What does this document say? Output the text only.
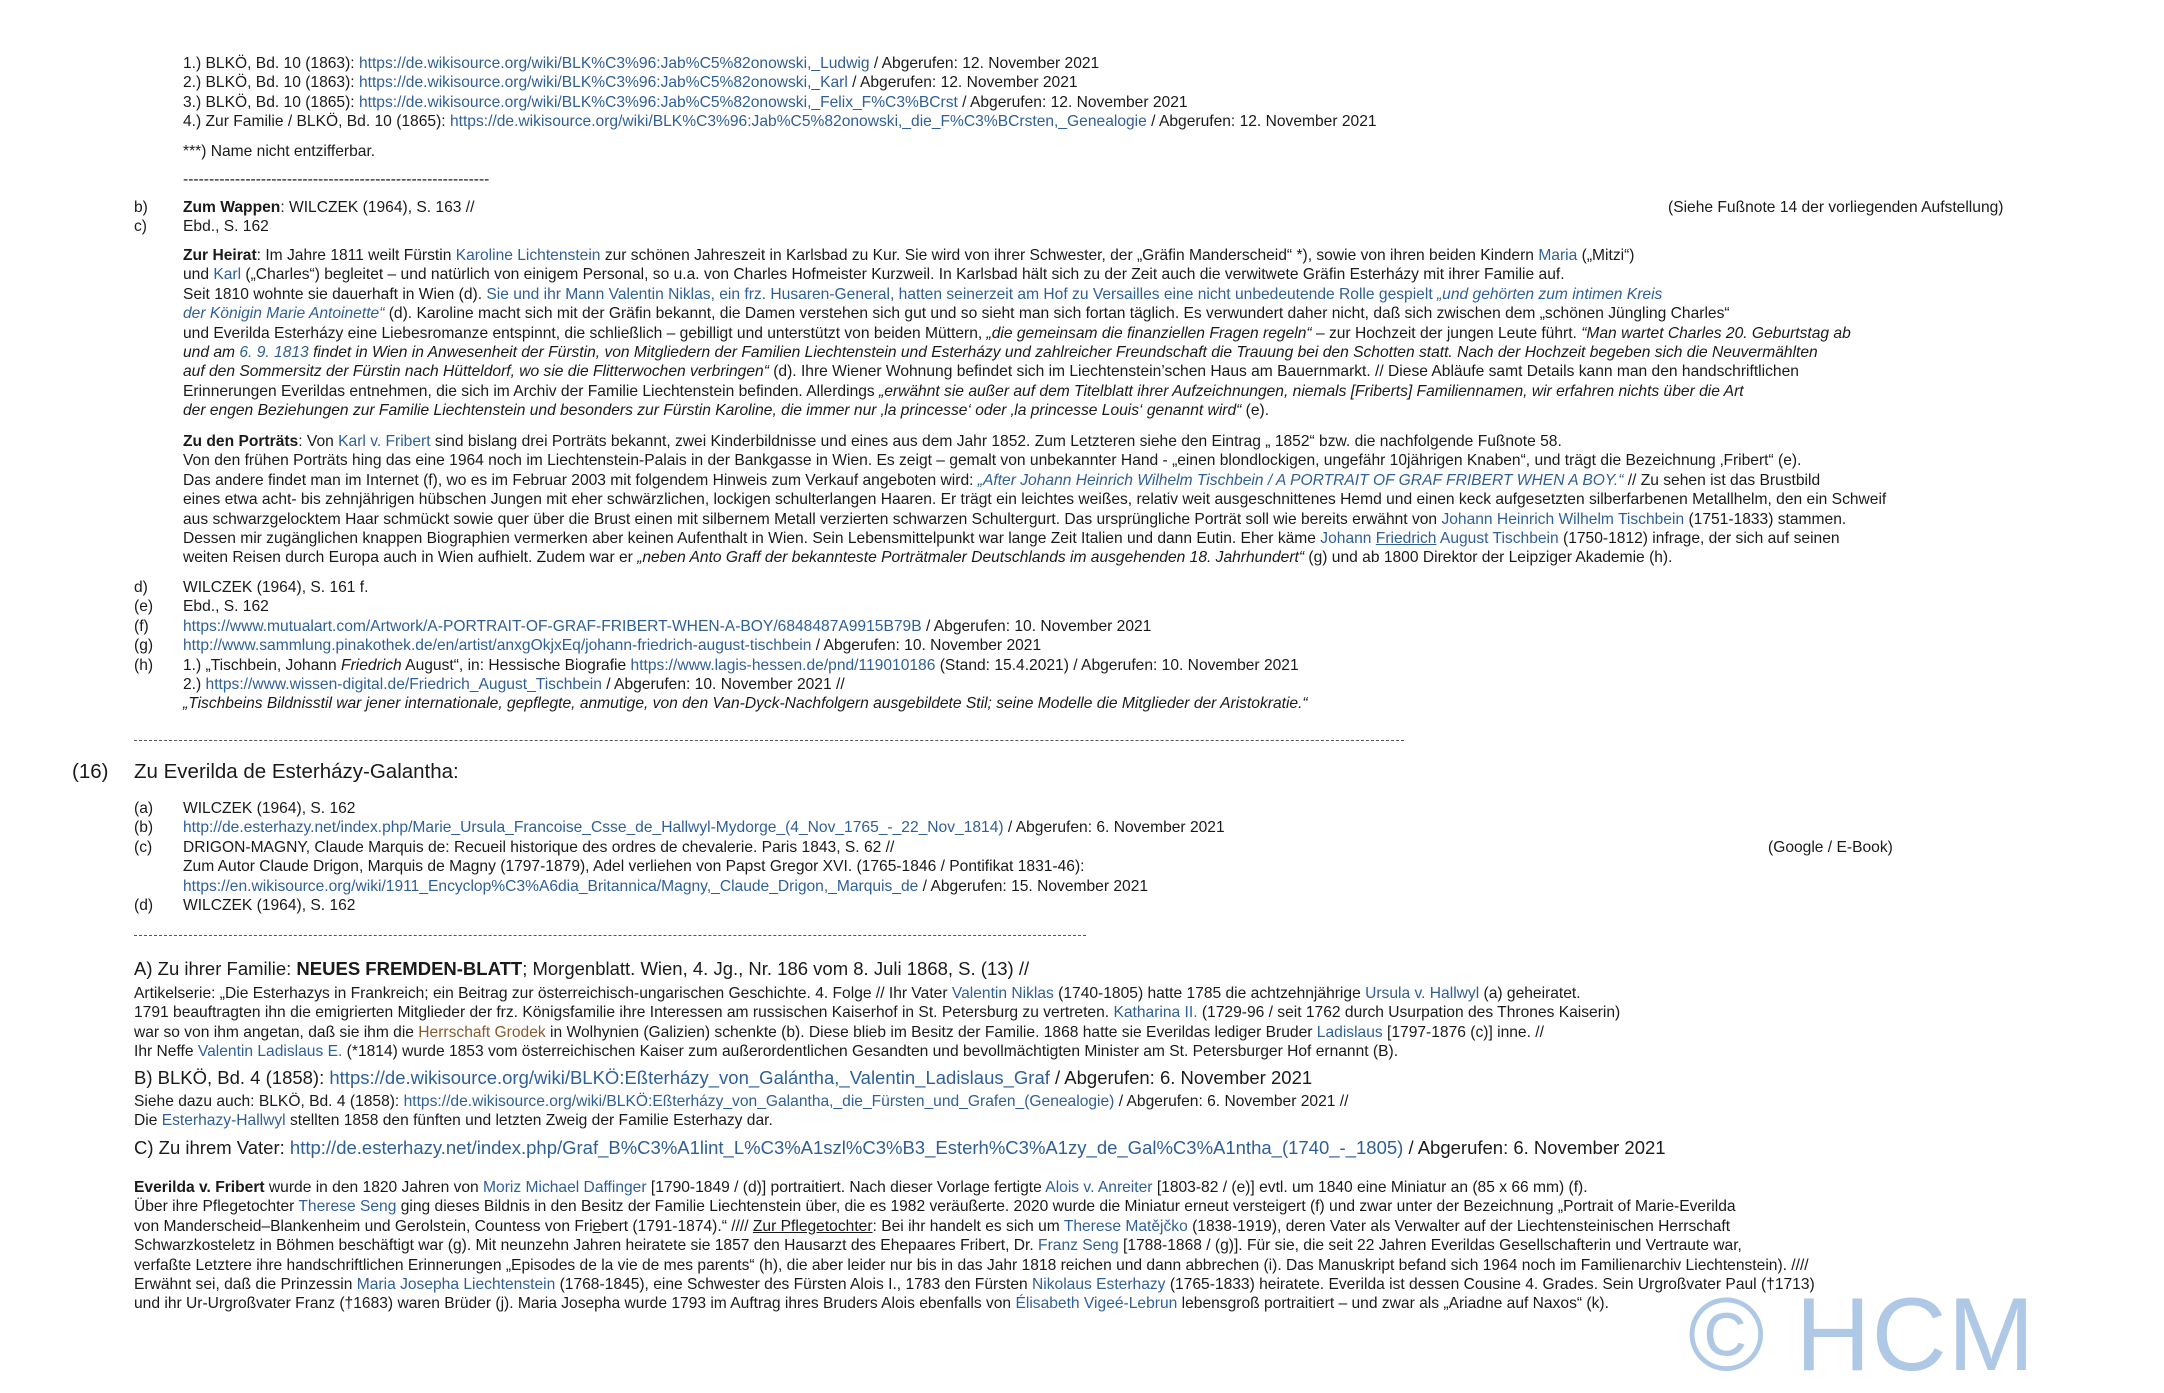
1.) BLKÖ, Bd. 10 (1863): https://de.wikisource.org/wiki/BLK%C3%96:Jab%C5%82onowski,_Ludwig / Abgerufen: 12. November 2021
2.) BLKÖ, Bd. 10 (1863): https://de.wikisource.org/wiki/BLK%C3%96:Jab%C5%82onowski,_Karl / Abgerufen: 12. November 2021
3.) BLKÖ, Bd. 10 (1865): https://de.wikisource.org/wiki/BLK%C3%96:Jab%C5%82onowski,_Felix_F%C3%BCrst / Abgerufen: 12. November 2021
4.) Zur Familie / BLKÖ, Bd. 10 (1865): https://de.wikisource.org/wiki/BLK%C3%96:Jab%C5%82onowski,_die_F%C3%BCrsten,_Genealogie / Abgerufen: 12. November 2021
***) Name nicht entzifferbar.
-----------------------------------------------------------
b) Zum Wappen: WILCZEK (1964), S. 163 //	(Siehe Fußnote 14 der vorliegenden Aufstellung)
c) Ebd., S. 162
Zur Heirat: Im Jahre 1811 weilt Fürstin Karoline Lichtenstein zur schönen Jahreszeit in Karlsbad zu Kur. Sie wird von ihrer Schwester, der „Gräfin Manderscheid“ *), sowie von ihren beiden Kindern Maria („Mitzi“)
und Karl („Charles“) begleitet – und natürlich von einigem Personal, so u.a. von Charles Hofmeister Kurzweil. In Karlsbad hält sich zu der Zeit auch die verwitwete Gräfin Esterházy mit ihrer Familie auf.
Seit 1810 wohnte sie dauerhaft in Wien (d). Sie und ihr Mann Valentin Niklas, ein frz. Husaren-General, hatten seinerzeit am Hof zu Versailles eine nicht unbedeutende Rolle gespielt „und gehörten zum intimen Kreis
der Königin Marie Antoinette“ (d). Karoline macht sich mit der Gräfin bekannt, die Damen verstehen sich gut und so sieht man sich fortan täglich. Es verwundert daher nicht, daß sich zwischen dem „schönen Jüngling Charles“
und Everilda Esterházy eine Liebesromanze entspinnt, die schließlich – gebilligt und unterstützt von beiden Müttern, „die gemeinsam die finanziellen Fragen regeln“ – zur Hochzeit der jungen Leute führt. “Man wartet Charles 20. Geburtstag ab
und am 6. 9. 1813 findet in Wien in Anwesenheit der Fürstin, von Mitgliedern der Familien Liechtenstein und Esterházy und zahlreicher Freundschaft die Trauung bei den Schotten statt. Nach der Hochzeit begeben sich die Neuvermählten
auf den Sommersitz der Fürstin nach Hütteldorf, wo sie die Flitterwochen verbringen“ (d). Ihre Wiener Wohnung befindet sich im Liechtenstein’schen Haus am Bauernmarkt. // Diese Abläufe samt Details kann man den handschriftlichen
Erinnerungen Everildas entnehmen, die sich im Archiv der Familie Liechtenstein befinden. Allerdings „erwähnt sie außer auf dem Titelblatt ihrer Aufzeichnungen, niemals [Friberts] Familiennamen, wir erfahren nichts über die Art
der engen Beziehungen zur Familie Liechtenstein und besonders zur Fürstin Karoline, die immer nur ‚la princesse‘ oder ‚la princesse Louis‘ genannt wird“ (e).
Zu den Porträts: Von Karl v. Fribert sind bislang drei Porträts bekannt, zwei Kinderbildnisse und eines aus dem Jahr 1852. Zum Letzteren siehe den Eintrag „ 1852“ bzw. die nachfolgende Fußnote 58.
Von den frühen Porträts hing das eine 1964 noch im Liechtenstein-Palais in der Bankgasse in Wien. Es zeigt – gemalt von unbekannter Hand - „einen blondlockigen, ungefähr 10jährigen Knaben“, und trägt die Bezeichnung ‚Fribert“ (e).
Das andere findet man im Internet (f), wo es im Februar 2003 mit folgendem Hinweis zum Verkauf angeboten wird: „After Johann Heinrich Wilhelm Tischbein / A PORTRAIT OF GRAF FRIBERT WHEN A BOY.“ // Zu sehen ist das Brustbild
eines etwa acht- bis zehnjährigen hübschen Jungen mit eher schwärzlichen, lockigen schulterlangen Haaren. Er trägt ein leichtes weißes, relativ weit ausgeschnittenes Hemd und einen keck aufgesetzten silberfarbenen Metallhelm, den ein Schweif
aus schwarzgelocktem Haar schmückt sowie quer über die Brust einen mit silbernem Metall verzierten schwarzen Schultergurt. Das ursprüngliche Porträt soll wie bereits erwähnt von Johann Heinrich Wilhelm Tischbein (1751-1833) stammen.
Dessen mir zugänglichen knappen Biographien vermerken aber keinen Aufenthalt in Wien. Sein Lebensmittelpunkt war lange Zeit Italien und dann Eutin. Eher käme Johann Friedrich August Tischbein (1750-1812) infrage, der sich auf seinen
weiten Reisen durch Europa auch in Wien aufhielt. Zudem war er „neben Anto Graff der bekannteste Porträtmaler Deutschlands im ausgehenden 18. Jahrhundert“ (g) und ab 1800 Direktor der Leipziger Akademie (h).
d) WILCZEK (1964), S. 161 f.
(e) Ebd., S. 162
(f) https://www.mutualart.com/Artwork/A-PORTRAIT-OF-GRAF-FRIBERT-WHEN-A-BOY/6848487A9915B79B / Abgerufen: 10. November 2021
(g) http://www.sammlung.pinakothek.de/en/artist/anxgOkjxEq/johann-friedrich-august-tischbein / Abgerufen: 10. November 2021
(h) 1.) „Tischbein, Johann Friedrich August“, in: Hessische Biografie https://www.lagis-hessen.de/pnd/119010186 (Stand: 15.4.2021) / Abgerufen: 10. November 2021
2.) https://www.wissen-digital.de/Friedrich_August_Tischbein / Abgerufen: 10. November 2021 //
„Tischbeins Bildnisstil war jener internationale, gepflegte, anmutige, von den Van-Dyck-Nachfolgern ausgebildete Stil; seine Modelle die Mitglieder der Aristokratie.“
(16) Zu Everilda de Esterházy-Galantha:
(a) WILCZEK (1964), S. 162
(b) http://de.esterhazy.net/index.php/Marie_Ursula_Francoise_Csse_de_Hallwyl-Mydorge_(4_Nov_1765_-_22_Nov_1814) / Abgerufen: 6. November 2021
(c) DRIGON-MAGNY, Claude Marquis de: Recueil historique des ordres de chevalerie. Paris 1843, S. 62 //
Zum Autor Claude Drigon, Marquis de Magny (1797-1879), Adel verliehen von Papst Gregor XVI. (1765-1846 / Pontifikat 1831-46):
https://en.wikisource.org/wiki/1911_Encyclop%C3%A6dia_Britannica/Magny,_Claude_Drigon,_Marquis_de / Abgerufen: 15. November 2021
(d) WILCZEK (1964), S. 162
(Google / E-Book)
A) Zu ihrer Familie: NEUES FREMDEN-BLATT; Morgenblatt. Wien, 4. Jg., Nr. 186 vom 8. Juli 1868, S. (13) //
Artikelserie: „Die Esterhazys in Frankreich; ein Beitrag zur österreichisch-ungarischen Geschichte. 4. Folge // Ihr Vater Valentin Niklas (1740-1805) hatte 1785 die achtzehnjährige Ursula v. Hallwyl (a) geheiratet.
1791 beauftragten ihn die emigrierten Mitglieder der frz. Königsfamilie ihre Interessen am russischen Kaiserhof in St. Petersburg zu vertreten. Katharina II. (1729-96 / seit 1762 durch Usurpation des Thrones Kaiserin)
war so von ihm angetan, daß sie ihm die Herrschaft Grodek in Wolhynien (Galizien) schenkte (b). Diese blieb im Besitz der Familie. 1868 hatte sie Everildas lediger Bruder Ladislaus [1797-1876 (c)] inne. //
Ihr Neffe Valentin Ladislaus E. (*1814) wurde 1853 vom österreichischen Kaiser zum außerordentlichen Gesandten und bevollmächtigten Minister am St. Petersburger Hof ernannt (B).
B) BLKÖ, Bd. 4 (1858): https://de.wikisource.org/wiki/BLKÖ:Eßterházy_von_Galántha,_Valentin_Ladislaus_Graf / Abgerufen: 6. November 2021
Siehe dazu auch: BLKÖ, Bd. 4 (1858): https://de.wikisource.org/wiki/BLKÖ:Eßterházy_von_Galantha,_die_Fürsten_und_Grafen_(Genealogie) / Abgerufen: 6. November 2021 //
Die Esterhazy-Hallwyl stellten 1858 den fünften und letzten Zweig der Familie Esterhazy dar.
C) Zu ihrem Vater: http://de.esterhazy.net/index.php/Graf_B%C3%A1lint_L%C3%A1szl%C3%B3_Esterh%C3%A1zy_de_Gal%C3%A1ntha_(1740_-_1805) / Abgerufen: 6. November 2021
Everilda v. Fribert wurde in den 1820 Jahren von Moriz Michael Daffinger [1790-1849 / (d)] portraitiert. Nach dieser Vorlage fertigte Alois v. Anreiter [1803-82 / (e)] evtl. um 1840 eine Miniatur an (85 x 66 mm) (f).
Über ihre Pflegetochter Therese Seng ging dieses Bildnis in den Besitz der Familie Liechtenstein über, die es 1982 veräußerte. 2020 wurde die Miniatur erneut versteigert (f) und zwar unter der Bezeichnung „Portrait of Marie-Everilda
von Manderscheid–Blankenheim und Gerolstein, Countess von Friebert (1791-1874).“ //// Zur Pflegetochter: Bei ihr handelt es sich um Therese Matějčko (1838-1919), deren Vater als Verwalter auf der Liechtensteinischen Herrschaft
Schwarzkosteletz in Böhmen beschäftigt war (g). Mit neunzehn Jahren heiratete sie 1857 den Hausarzt des Ehepaares Fribert, Dr. Franz Seng [1788-1868 / (g)]. Für sie, die seit 22 Jahren Everildas Gesellschafterin und Vertraute war,
verfaßte Letztere ihre handschriftlichen Erinnerungen „Episodes de la vie de mes parents“ (h), die aber leider nur bis in das Jahr 1818 reichen und dann abbrechen (i). Das Manuskript befand sich 1964 noch im Familienarchiv Liechtenstein). ////
Erwähnt sei, daß die Prinzessin Maria Josepha Liechtenstein (1768-1845), eine Schwester des Fürsten Alois I., 1783 den Fürsten Nikolaus Esterhazy (1765-1833) heiratete. Everilda ist dessen Cousine 4. Grades. Sein Urgroßvater Paul (†1713)
und ihr Ur-Urgroßvater Franz (†1683) waren Brüder (j). Maria Josepha wurde 1793 im Auftrag ihres Bruders Alois ebenfalls von Élisabeth Vigeé-Lebrun lebensgroß portraitiert – und zwar als „Ariadne auf Naxos“ (k). © HCM
